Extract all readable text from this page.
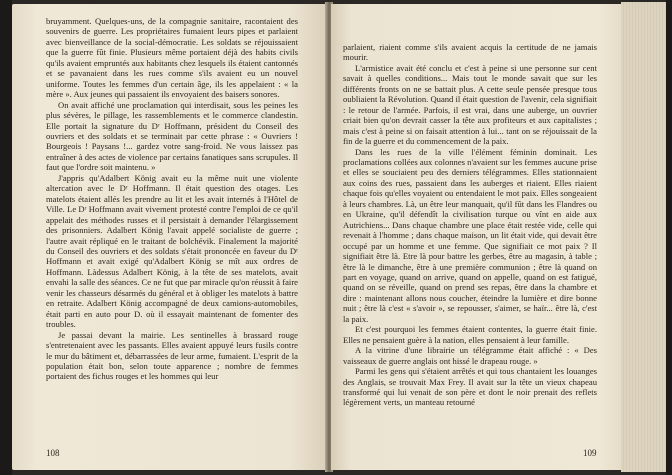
bruyamment. Quelques-uns, de la compagnie sanitaire, racontaient des souvenirs de guerre. Les propriétaires fumaient leurs pipes et parlaient avec bienveillance de la social-démocratie. Les soldats se réjouissaient que la guerre fût finie. Plusieurs même portaient déjà des habits civils qu'ils avaient empruntés aux habitants chez lesquels ils étaient cantonnés et se pavanaient dans les rues comme s'ils avaient eu un nouvel uniforme. Toutes les femmes d'un certain âge, ils les appelaient : « la mère ». Aux jeunes qui passaient ils envoyaient des baisers sonores.

On avait affiché une proclamation qui interdisait, sous les peines les plus sévères, le pillage, les rassemblements et le commerce clandestin. Elle portait la signature du Dʳ Hoffmann, président du Conseil des ouvriers et des soldats et se terminait par cette phrase : « Ouvriers ! Bourgeois ! Paysans !... gardez votre sang-froid. Ne vous laissez pas entraîner à des actes de violence par certains fanatiques sans scrupules. Il faut que l'ordre soit maintenu. »

J'appris qu'Adalbert König avait eu la même nuit une violente altercation avec le Dʳ Hoffmann. Il était question des otages. Les matelots étaient allés les prendre au lit et les avait internés à l'Hôtel de Ville. Le Dʳ Hoffmann avait vivement protesté contre l'emploi de ce qu'il appelait des méthodes russes et il persistait à demander l'élargissement des prisonniers. Adalbert König l'avait appelé socialiste de guerre ; l'autre avait répliqué en le traitant de bolchévik. Finalement la majorité du Conseil des ouvriers et des soldats s'était prononcée en faveur du Dʳ Hoffmann et avait exigé qu'Adalbert König se mît aux ordres de Hoffmann. Làdessus Adalbert König, à la tête de ses matelots, avait envahi la salle des séances. Ce ne fut que par miracle qu'on réussit à faire venir les chasseurs désarmés du général et à obliger les matelots à battre en retraite. Adalbert König accompagné de deux camions-automobiles, était parti en auto pour D. où il essayait maintenant de fomenter des troubles.

Je passai devant la mairie. Les sentinelles à brassard rouge s'entretenaient avec les passants. Elles avaient appuyé leurs fusils contre le mur du bâtiment et, débarrassées de leur arme, fumaient. L'esprit de la population était bon, selon toute apparence ; nombre de femmes portaient des fichus rouges et les hommes qui leur

108

parlaient, riaient comme s'ils avaient acquis la certitude de ne jamais mourir.

L'armistice avait été conclu et c'est à peine si une personne sur cent savait à quelles conditions... Mais tout le monde savait que sur les différents fronts on ne se battait plus. A cette seule pensée presque tous oubliaient la Révolution. Quand il était question de l'avenir, cela signifiait : le retour de l'armée. Parfois, il est vrai, dans une auberge, un ouvrier criait bien qu'on devrait casser la tête aux profiteurs et aux capitalistes ; mais c'est à peine si on faisait attention à lui... tant on se réjouissait de la fin de la guerre et du commencement de la paix.

Dans les rues de la ville l'élément féminin dominait. Les proclamations collées aux colonnes n'avaient sur les femmes aucune prise et elles se souciaient peu des derniers télégrammes. Elles stationnaient aux coins des rues, passaient dans les auberges et riaient. Elles riaient chaque fois qu'elles voyaient ou entendaient le mot paix. Elles songeaient à leurs chambres. Là, un être leur manquait, qu'il fût dans les Flandres ou en Ukraine, qu'il défendît la civilisation turque ou vînt en aide aux Autrichiens... Dans chaque chambre une place était restée vide, celle qui revenait à l'homme ; dans chaque maison, un lit était vide, qui devait être occupé par un homme et une femme. Que signifiait ce mot paix ? Il signifiait être là. Etre là pour battre les gerbes, être au magasin, à table ; être là le dimanche, être à une première communion ; être là quand on part en voyage, quand on arrive, quand on appelle, quand on est fatigué, quand on se réveille, quand on prend ses repas, être dans la chambre et dire : maintenant allons nous coucher, éteindre la lumière et dire bonne nuit ; être là c'est « s'avoir », se repousser, s'aimer, se haïr... être là, c'est la paix.

Et c'est pourquoi les femmes étaient contentes, la guerre était finie. Elles ne pensaient guère à la nation, elles pensaient à leur famille.

A la vitrine d'une librairie un télégramme était affiché : « Des vaisseaux de guerre anglais ont hissé le drapeau rouge. »

Parmi les gens qui s'étaient arrêtés et qui tous chantaient les louanges des Anglais, se trouvait Max Frey. Il avait sur la tête un vieux chapeau transformé qui lui venait de son père et dont le noir prenait des reflets légèrement verts, un manteau retourné

109
